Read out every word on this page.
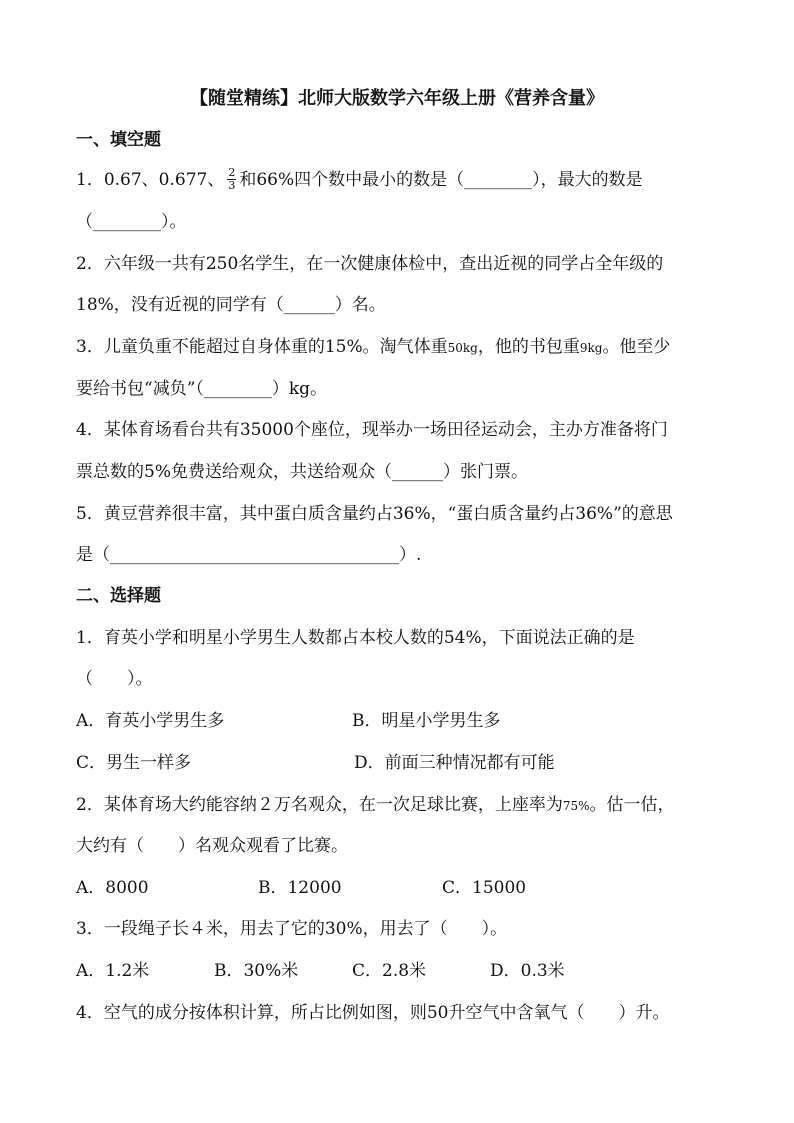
【随堂精练】北师大版数学六年级上册《营养含量》
一、填空题
1．0.67、0.677、 $\frac{2}{3}$ 和66%四个数中最小的数是（________），最大的数是
（________）。
2．六年级一共有250名学生，在一次健康体检中，查出近视的同学占全年级的
18%，没有近视的同学有（______）名。
3．儿童负重不能超过自身体重的15%。淘气体重50kg，他的书包重9kg。他至少
要给书包“减负”（________）kg。
4．某体育场看台共有35000个座位，现举办一场田径运动会，主办方准备将门
票总数的5%免费送给观众，共送给观众（______）张门票。
5．黄豆营养很丰富，其中蛋白质含量约占36%，“蛋白质含量约占36%”的意思
是（__________________________________）.
二、选择题
1．育英小学和明星小学男生人数都占本校人数的54%，下面说法正确的是
（　　）。
A．育英小学男生多	B．明星小学男生多
C．男生一样多	D．前面三种情况都有可能
2．某体育场大约能容纳２万名观众，在一次足球比赛，上座率为75%。估一估，
大约有（　　）名观众观看了比赛。
A．8000	B．12000	C．15000
3．一段绳子长４米，用去了它的30%，用去了（　　）。
A．1.2米	B．30%米	C．2.8米	D．0.3米
4．空气的成分按体积计算，所占比例如图，则50升空气中含氧气（　　）升。
